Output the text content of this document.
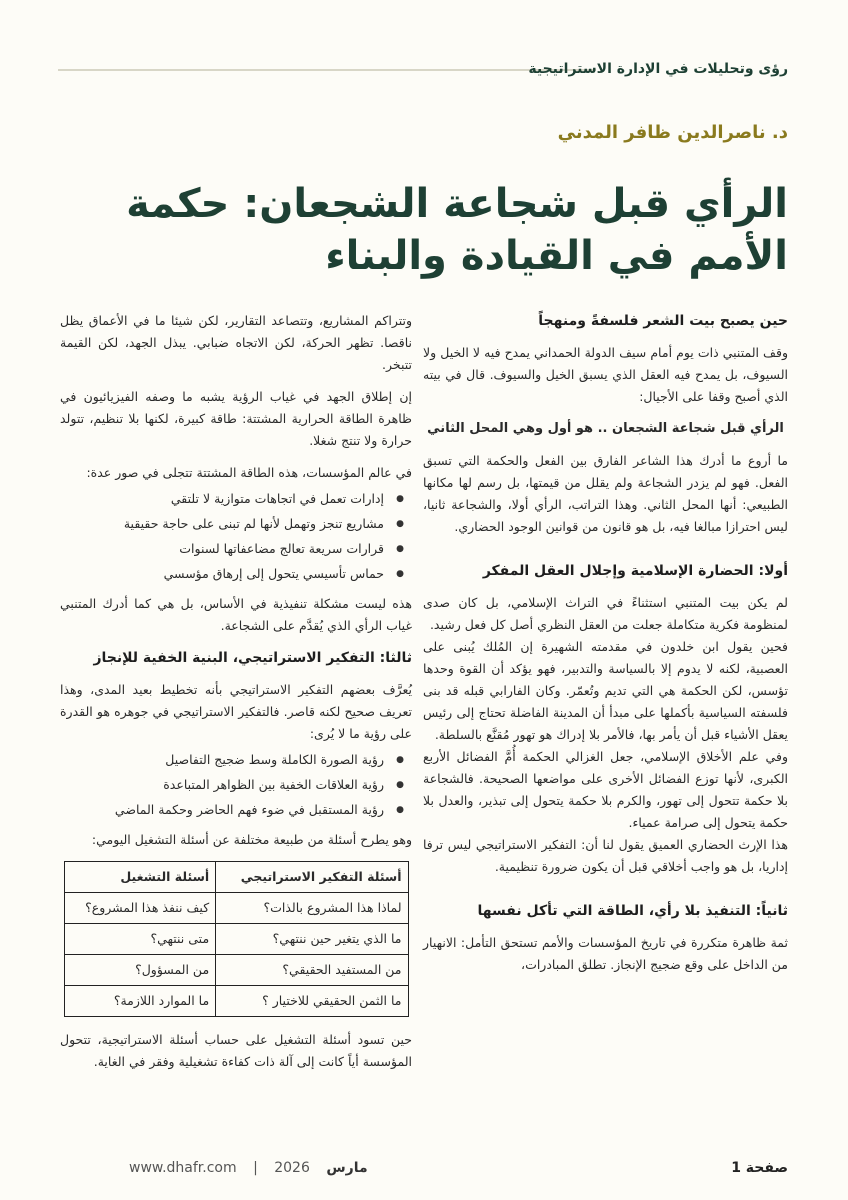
رؤى وتحليلات في الإدارة الاستراتيجية
د. ناصرالدين ظافر المدني
الرأي قبل شجاعة الشجعان: حكمة الأمم في القيادة والبناء

حين يصبح بيت الشعر فلسفةً ومنهجاً

وقف المتنبي ذات يوم أمام سيف الدولة الحمداني يمدح فيه لا الخيل ولا السيوف، بل يمدح فيه العقل الذي يسبق الخيل والسيوف. قال في بيته الذي أصبح وقفا على الأجيال:

الرأي قبل شجاعة الشجعان .. هو أول وهي المحل الثاني

ما أروع ما أدرك هذا الشاعر الفارق بين الفعل والحكمة التي تسبق الفعل. فهو لم يزدر الشجاعة ولم يقلل من قيمتها، بل رسم لها مكانها الطبيعي: أنها المحل الثاني. وهذا التراتب، الرأي أولا، والشجاعة ثانيا، ليس احترازا مبالغا فيه، بل هو قانون من قوانين الوجود الحضاري.

أولا: الحضارة الإسلامية وإجلال العقل المفكر

لم يكن بيت المتنبي استثناءً في التراث الإسلامي، بل كان صدى لمنظومة فكرية متكاملة جعلت من العقل النظري أصل كل فعل رشيد.

فحين يقول ابن خلدون في مقدمته الشهيرة إن المُلك يُبنى على العصبية، لكنه لا يدوم إلا بالسياسة والتدبير، فهو يؤكد أن القوة وحدها تؤسس، لكن الحكمة هي التي تديم وتُعمّر. وكان الفارابي قبله قد بنى فلسفته السياسية بأكملها على مبدأ أن المدينة الفاضلة تحتاج إلى رئيس يعقل الأشياء قبل أن يأمر بها، فالأمر بلا إدراك هو تهور مُقنَّع بالسلطة.

وفي علم الأخلاق الإسلامي، جعل الغزالي الحكمة أُمَّ الفضائل الأربع الكبرى، لأنها توزع الفضائل الأخرى على مواضعها الصحيحة. فالشجاعة بلا حكمة تتحول إلى تهور، والكرم بلا حكمة يتحول إلى تبذير، والعدل بلا حكمة يتحول إلى صرامة عمياء.

هذا الإرث الحضاري العميق يقول لنا أن: التفكير الاستراتيجي ليس ترفا إداريا، بل هو واجب أخلاقي قبل أن يكون ضرورة تنظيمية.

ثانياً: التنفيذ بلا رأي، الطاقة التي تأكل نفسها

ثمة ظاهرة متكررة في تاريخ المؤسسات والأمم تستحق التأمل: الانهيار من الداخل على وقع ضجيج الإنجاز. تطلق المبادرات،

وتتراكم المشاريع، وتتصاعد التقارير، لكن شيئا ما في الأعماق يظل ناقصا. تظهر الحركة، لكن الاتجاه ضبابي. يبذل الجهد، لكن القيمة تتبخر.

إن إطلاق الجهد في غياب الرؤية يشبه ما وصفه الفيزيائيون في ظاهرة الطاقة الحرارية المشتتة: طاقة كبيرة، لكنها بلا تنظيم، تتولد حرارة ولا تنتج شغلا.

في عالم المؤسسات، هذه الطاقة المشتتة تتجلى في صور عدة:

● إدارات تعمل في اتجاهات متوازية لا تلتقي
● مشاريع تنجز وتهمل لأنها لم تبنى على حاجة حقيقية
● قرارات سريعة تعالج مضاعفاتها لسنوات
● حماس تأسيسي يتحول إلى إرهاق مؤسسي

هذه ليست مشكلة تنفيذية في الأساس، بل هي كما أدرك المتنبي غياب الرأي الذي يُقدَّم على الشجاعة.

ثالثا: التفكير الاستراتيجي، البنية الخفية للإنجاز

يُعرَّف بعضهم التفكير الاستراتيجي بأنه تخطيط بعيد المدى، وهذا تعريف صحيح لكنه قاصر. فالتفكير الاستراتيجي في جوهره هو القدرة على رؤية ما لا يُرى:

● رؤية الصورة الكاملة وسط ضجيج التفاصيل
● رؤية العلاقات الخفية بين الظواهر المتباعدة
● رؤية المستقبل في ضوء فهم الحاضر وحكمة الماضي

وهو يطرح أسئلة من طبيعة مختلفة عن أسئلة التشغيل اليومي:

أسئلة التفكير الاستراتيجي	أسئلة التشغيل
لماذا هذا المشروع بالذات؟	كيف ننفذ هذا المشروع؟
ما الذي يتغير حين ننتهي؟	متى ننتهي؟
من المستفيد الحقيقي؟	من المسؤول؟
ما الثمن الحقيقي للاختيار ؟	ما الموارد اللازمة؟

حين تسود أسئلة التشغيل على حساب أسئلة الاستراتيجية، تتحول المؤسسة أياً كانت إلى آلة ذات كفاءة تشغيلية وفقر في الغاية.

www.dhafr.com | 2026 مارس	صفحة 1
